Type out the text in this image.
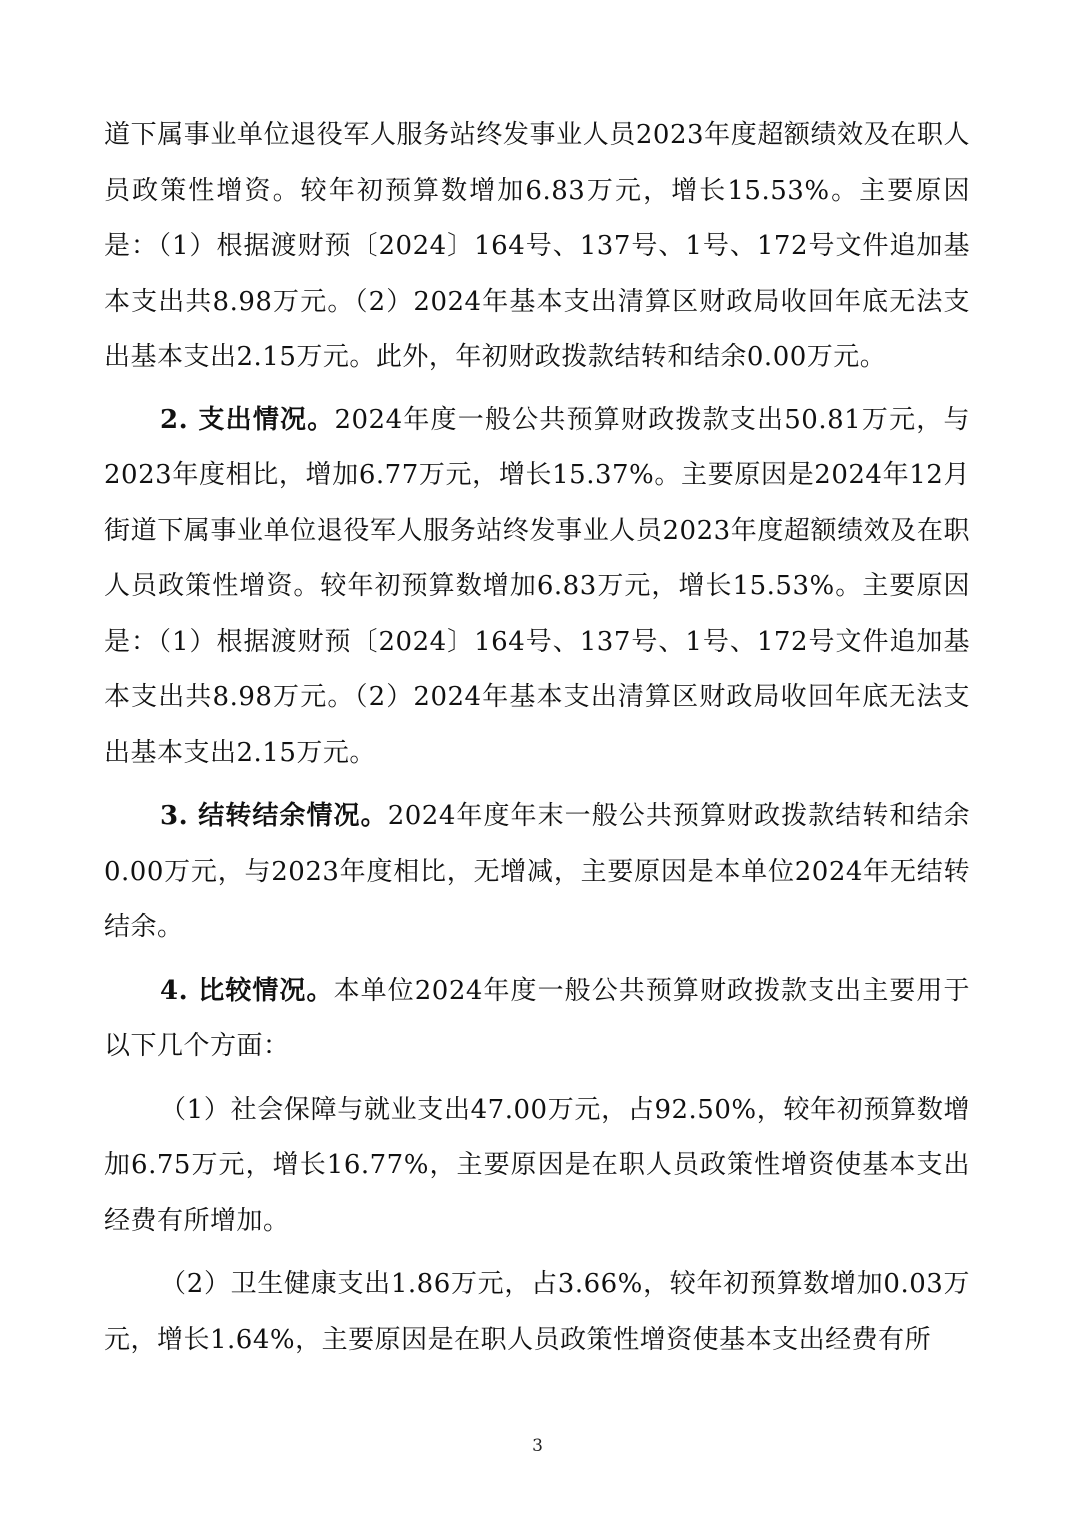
道下属事业单位退役军人服务站终发事业人员2023年度超额绩效及在职人员政策性增资。较年初预算数增加6.83万元，增长15.53%。主要原因是：（1）根据渡财预〔2024〕164号、137号、1号、172号文件追加基本支出共8.98万元。（2）2024年基本支出清算区财政局收回年底无法支出基本支出2.15万元。此外，年初财政拨款结转和结余0.00万元。

2. 支出情况。2024年度一般公共预算财政拨款支出50.81万元，与2023年度相比，增加6.77万元，增长15.37%。主要原因是2024年12月街道下属事业单位退役军人服务站终发事业人员2023年度超额绩效及在职人员政策性增资。较年初预算数增加6.83万元，增长15.53%。主要原因是：（1）根据渡财预〔2024〕164号、137号、1号、172号文件追加基本支出共8.98万元。（2）2024年基本支出清算区财政局收回年底无法支出基本支出2.15万元。

3. 结转结余情况。2024年度年末一般公共预算财政拨款结转和结余0.00万元，与2023年度相比，无增减，主要原因是本单位2024年无结转结余。

4. 比较情况。本单位2024年度一般公共预算财政拨款支出主要用于以下几个方面：

（1）社会保障与就业支出47.00万元，占92.50%，较年初预算数增加6.75万元，增长16.77%，主要原因是在职人员政策性增资使基本支出经费有所增加。

（2）卫生健康支出1.86万元，占3.66%，较年初预算数增加0.03万元，增长1.64%，主要原因是在职人员政策性增资使基本支出经费有所

3
